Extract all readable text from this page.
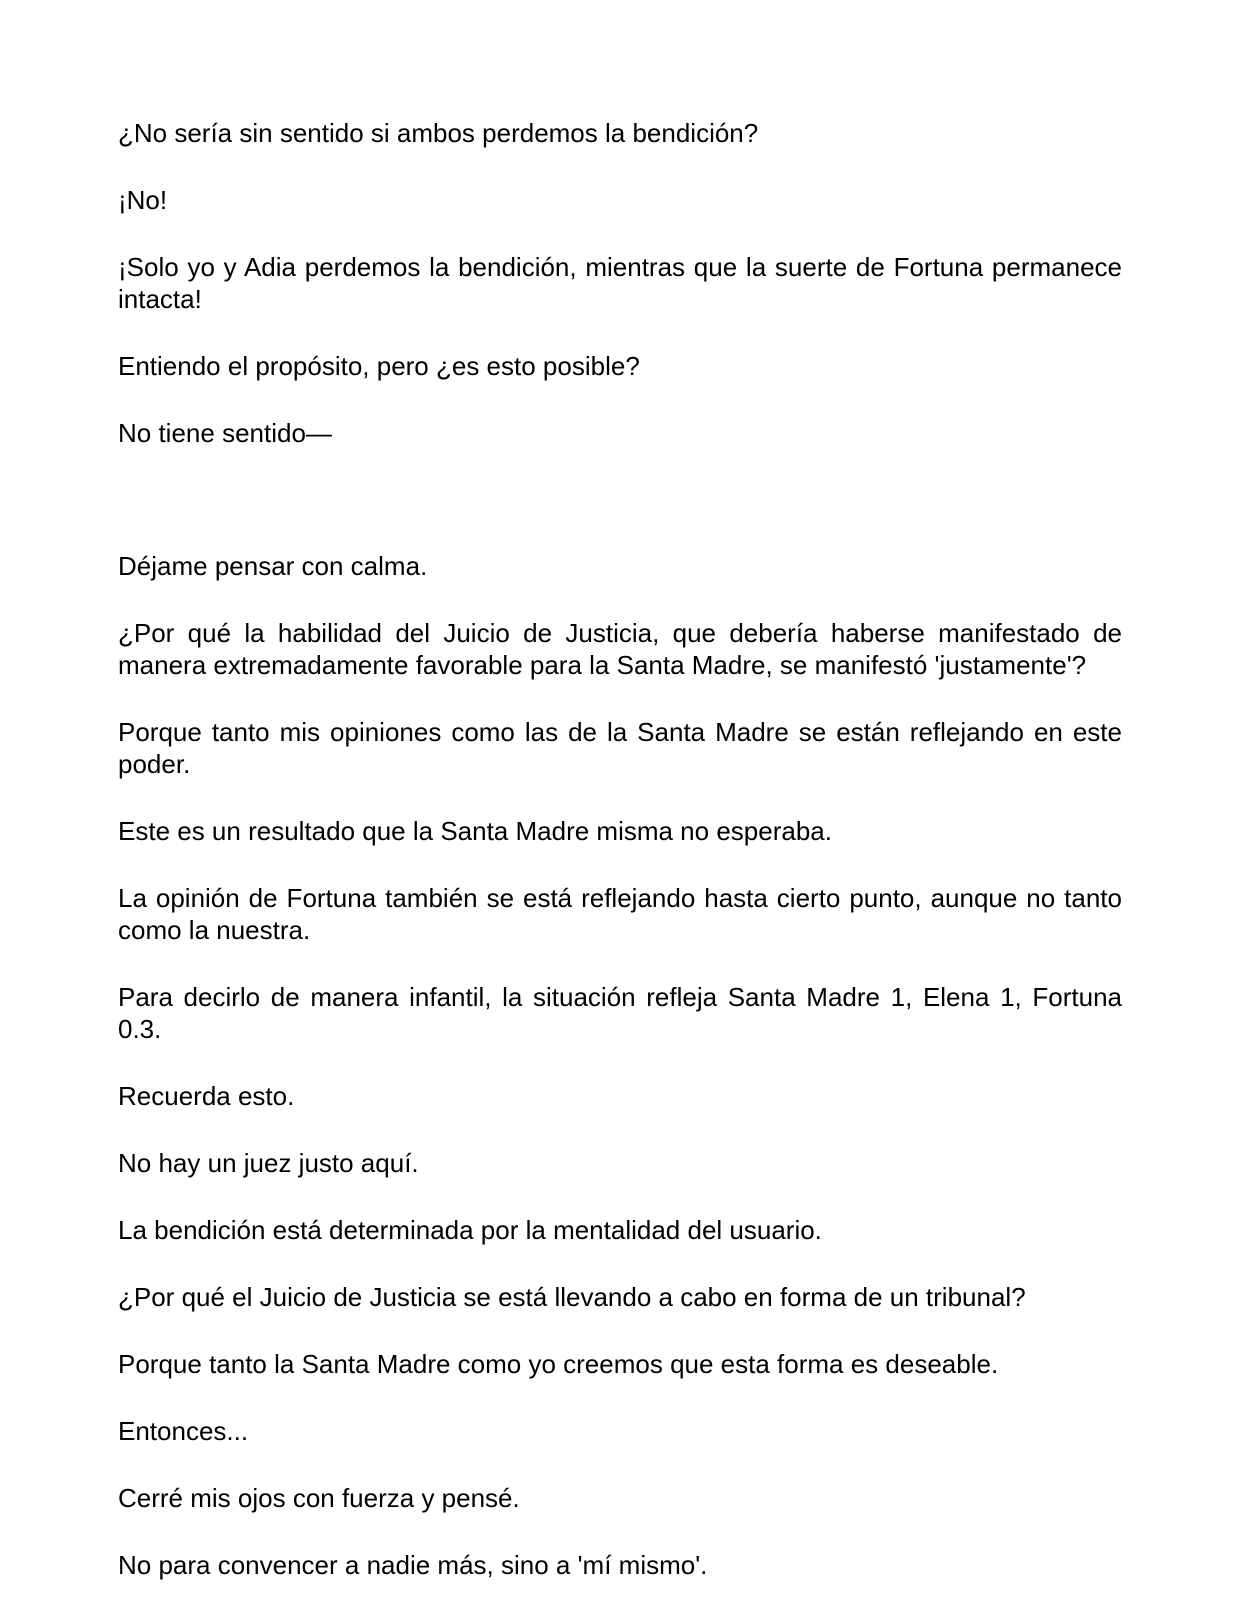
¿No sería sin sentido si ambos perdemos la bendición?

¡No!

¡Solo yo y Adia perdemos la bendición, mientras que la suerte de Fortuna permanece intacta!

Entiendo el propósito, pero ¿es esto posible?

No tiene sentido—

Déjame pensar con calma.

¿Por qué la habilidad del Juicio de Justicia, que debería haberse manifestado de manera extremadamente favorable para la Santa Madre, se manifestó 'justamente'?

Porque tanto mis opiniones como las de la Santa Madre se están reflejando en este poder.

Este es un resultado que la Santa Madre misma no esperaba.

La opinión de Fortuna también se está reflejando hasta cierto punto, aunque no tanto como la nuestra.

Para decirlo de manera infantil, la situación refleja Santa Madre 1, Elena 1, Fortuna 0.3.

Recuerda esto.

No hay un juez justo aquí.

La bendición está determinada por la mentalidad del usuario.

¿Por qué el Juicio de Justicia se está llevando a cabo en forma de un tribunal?

Porque tanto la Santa Madre como yo creemos que esta forma es deseable.

Entonces...

Cerré mis ojos con fuerza y pensé.

No para convencer a nadie más, sino a 'mí mismo'.
